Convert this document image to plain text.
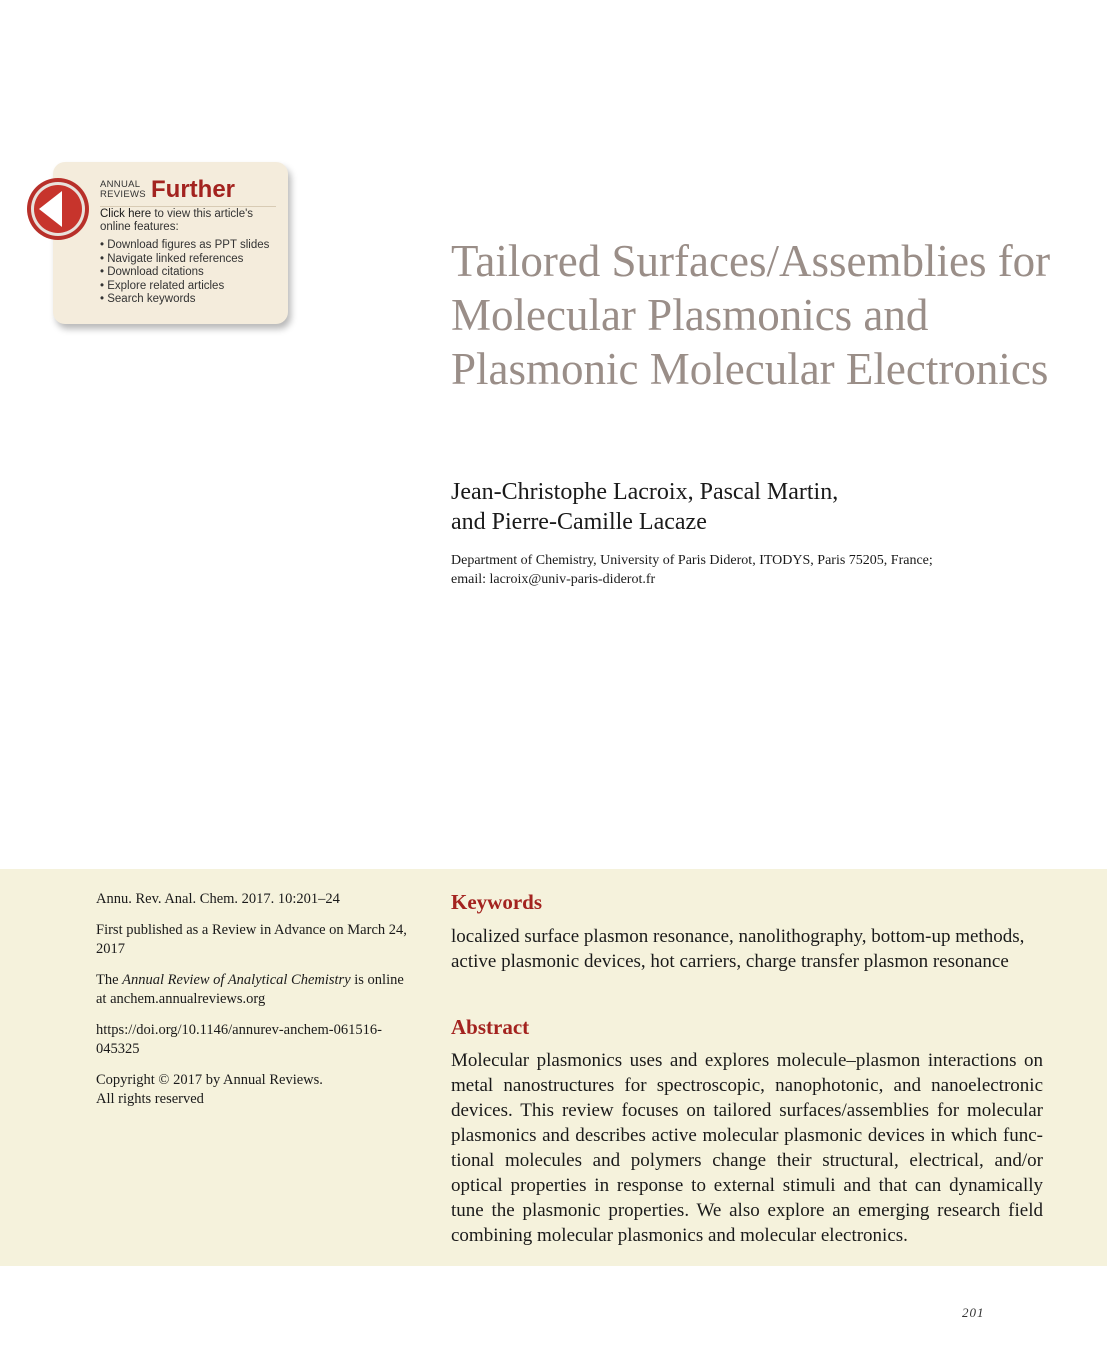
ANNUAL
REVIEWS Further
Click here to view this article's online features:
• Download figures as PPT slides
• Navigate linked references
• Download citations
• Explore related articles
• Search keywords
Tailored Surfaces/Assemblies for Molecular Plasmonics and Plasmonic Molecular Electronics
Jean-Christophe Lacroix, Pascal Martin,
and Pierre-Camille Lacaze
Department of Chemistry, University of Paris Diderot, ITODYS, Paris 75205, France;
email: lacroix@univ-paris-diderot.fr

Annu. Rev. Anal. Chem. 2017. 10:201–24

First published as a Review in Advance on March 24, 2017

The Annual Review of Analytical Chemistry is online at anchem.annualreviews.org

https://doi.org/10.1146/annurev-anchem-061516-045325

Copyright © 2017 by Annual Reviews.
All rights reserved

Keywords
localized surface plasmon resonance, nanolithography, bottom-up methods, active plasmonic devices, hot carriers, charge transfer plasmon resonance
Abstract
Molecular plasmonics uses and explores molecule–plasmon interactions on metal nanostructures for spectroscopic, nanophotonic, and nanoelectronic devices. This review focuses on tailored surfaces/assemblies for molecular plasmonics and describes active molecular plasmonic devices in which func-tional molecules and polymers change their structural, electrical, and/or optical properties in response to external stimuli and that can dynamically tune the plasmonic properties. We also explore an emerging research field combining molecular plasmonics and molecular electronics.
201
